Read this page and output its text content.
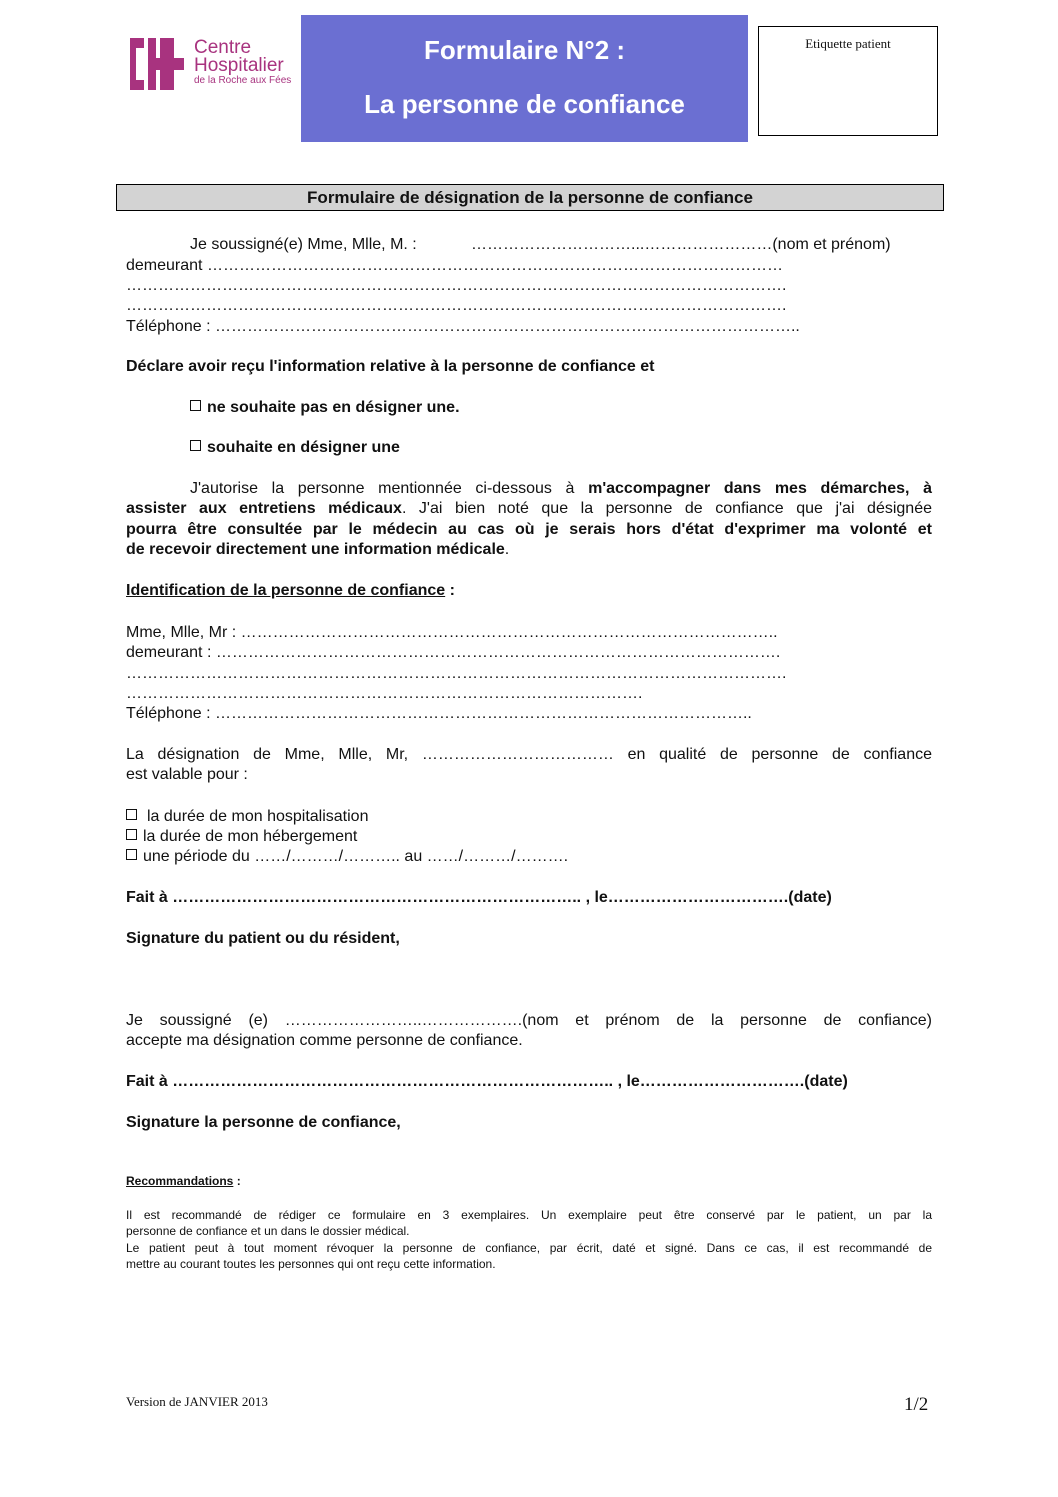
Centre
Hospitalier
de la Roche aux Fées
Formulaire N°2 :
La personne de confiance
Etiquette patient
Formulaire de désignation de la personne de confiance
Je soussigné(e) Mme, Mlle, M. :	…………………………...……………………(nom et prénom)
demeurant ………………………………………………………………………………………………
…………………………………………………………………………………………………………….
…………………………………………………………………………………………………………….
Téléphone : ………………………………………………………………………………………………..
Déclare avoir reçu l'information relative à la personne de confiance et
ne souhaite pas en désigner une.
souhaite en désigner une
J'autorise la personne mentionnée ci-dessous à m'accompagner dans mes démarches, à
assister aux entretiens médicaux. J'ai bien noté que la personne de confiance que j'ai désignée
pourra être consultée par le médecin au cas où je serais hors d'état d'exprimer ma volonté et
de recevoir directement une information médicale.
Identification de la personne de confiance :
Mme, Mlle, Mr : ………………………………………………………………………………………..
demeurant : …………………………………………………………………………………………….
…………………………………………………………………………………………………………….
…………………………………………………………………………………….
Téléphone : ………………………………………………………………………………………..
La désignation de Mme, Mlle, Mr, ……………………………… en qualité de personne de confiance
est valable pour :
la durée de mon hospitalisation
la durée de mon hébergement
une période du ……/………/……….. au ……/………/……….
Fait à ………………………………………………………………….. , le…………………………….(date)
Signature du patient ou du résident,
Je soussigné (e) ……………………..……………….(nom et prénom de la personne de confiance)
accepte ma désignation comme personne de confiance.
Fait à ……………………………………………………………………….. , le………………………….(date)
Signature la personne de confiance,
Recommandations :
Il est recommandé de rédiger ce formulaire en 3 exemplaires. Un exemplaire peut être conservé par le patient, un par la
personne de confiance et un dans le dossier médical.
Le patient peut à tout moment révoquer la personne de confiance, par écrit, daté et signé. Dans ce cas, il est recommandé de
mettre au courant toutes les personnes qui ont reçu cette information.
Version de JANVIER 2013	1/2
